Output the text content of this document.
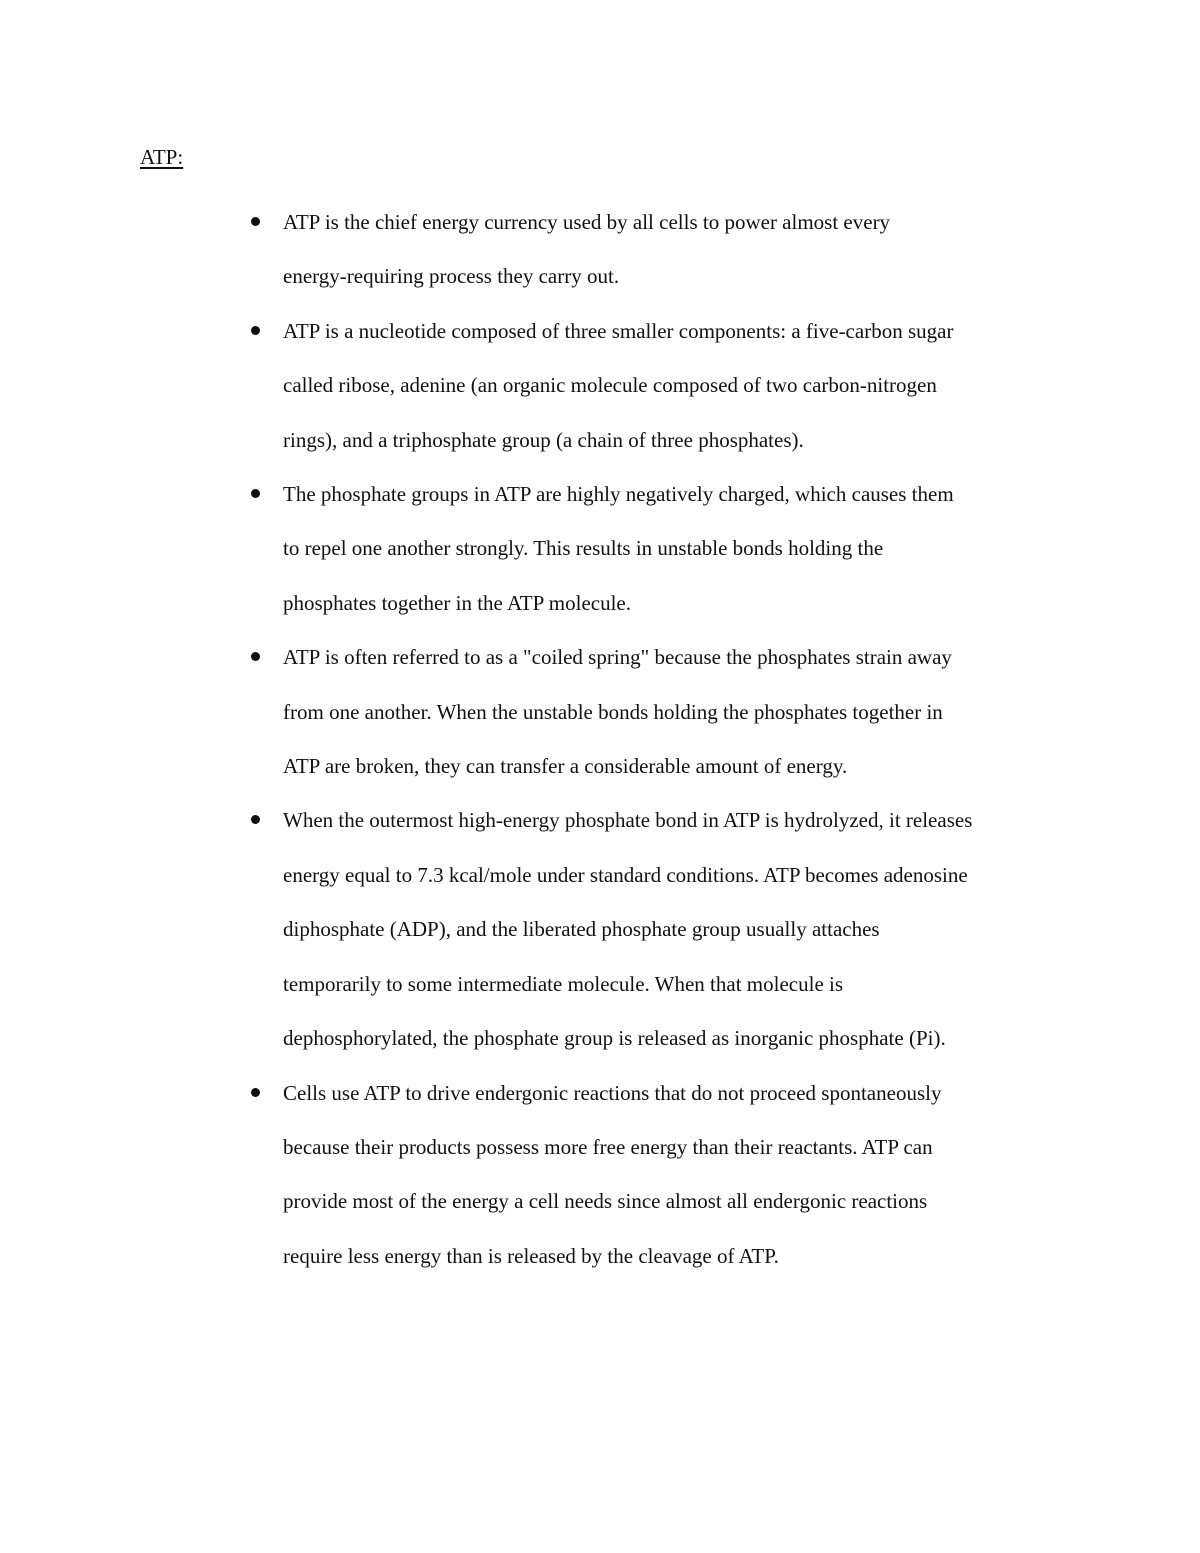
ATP:
ATP is the chief energy currency used by all cells to power almost every
energy-requiring process they carry out.
ATP is a nucleotide composed of three smaller components: a five-carbon sugar
called ribose, adenine (an organic molecule composed of two carbon-nitrogen
rings), and a triphosphate group (a chain of three phosphates).
The phosphate groups in ATP are highly negatively charged, which causes them
to repel one another strongly. This results in unstable bonds holding the
phosphates together in the ATP molecule.
ATP is often referred to as a "coiled spring" because the phosphates strain away
from one another. When the unstable bonds holding the phosphates together in
ATP are broken, they can transfer a considerable amount of energy.
When the outermost high-energy phosphate bond in ATP is hydrolyzed, it releases
energy equal to 7.3 kcal/mole under standard conditions. ATP becomes adenosine
diphosphate (ADP), and the liberated phosphate group usually attaches
temporarily to some intermediate molecule. When that molecule is
dephosphorylated, the phosphate group is released as inorganic phosphate (Pi).
Cells use ATP to drive endergonic reactions that do not proceed spontaneously
because their products possess more free energy than their reactants. ATP can
provide most of the energy a cell needs since almost all endergonic reactions
require less energy than is released by the cleavage of ATP.
